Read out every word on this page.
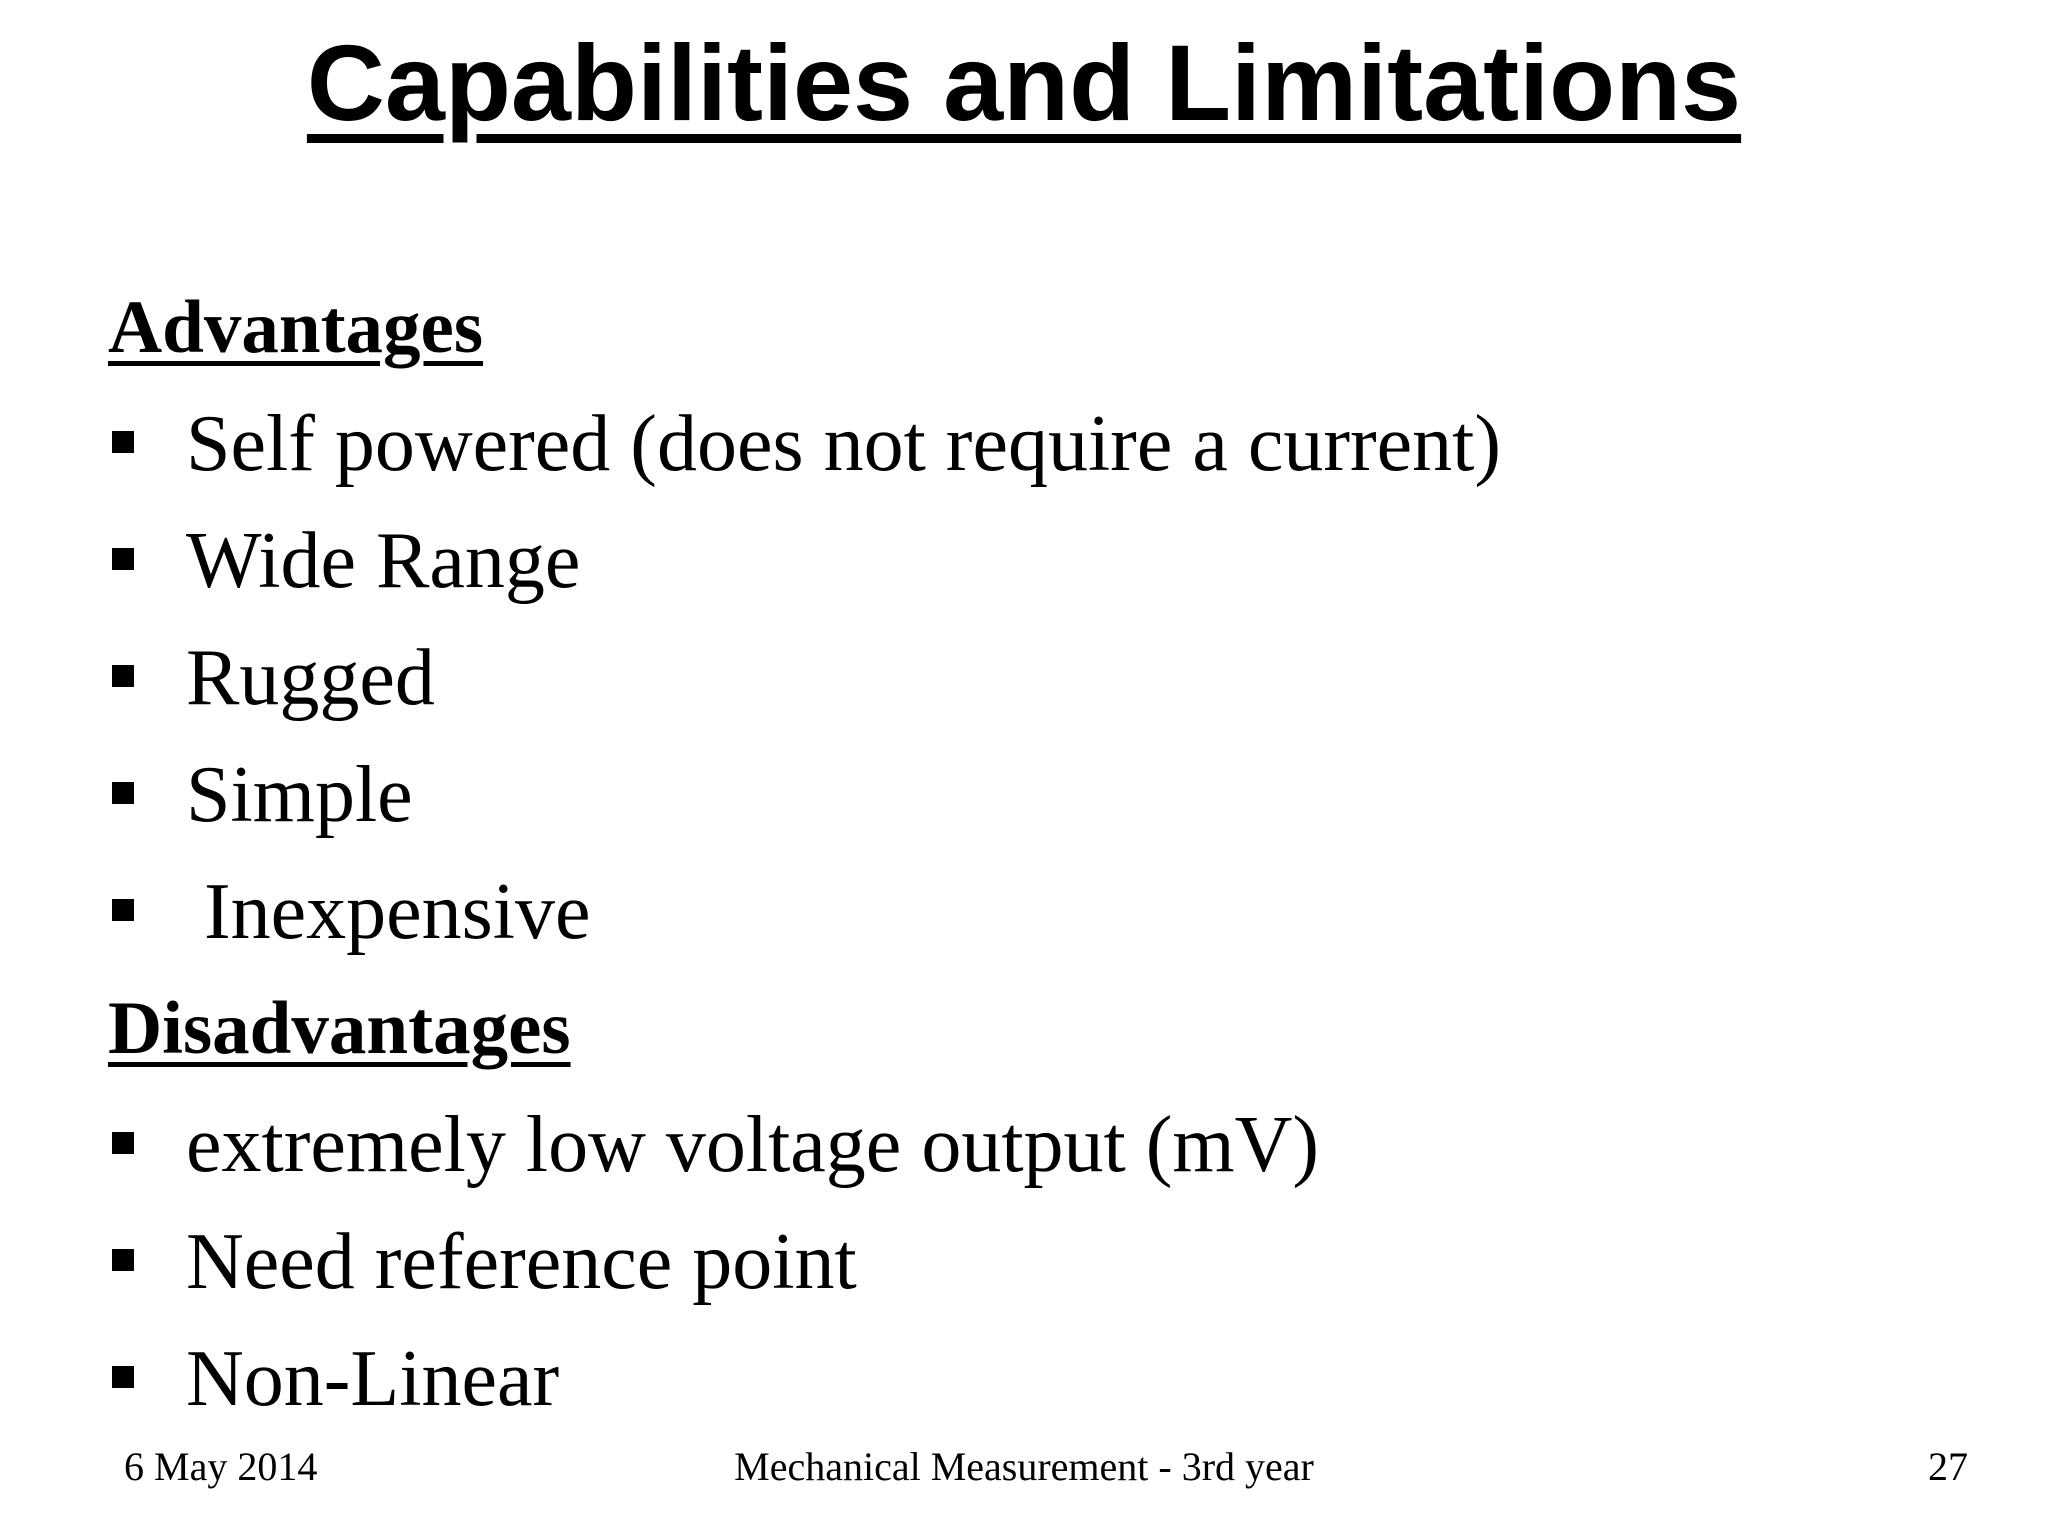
Capabilities and Limitations
Advantages
Self powered (does not require a current)
Wide Range
Rugged
Simple
Inexpensive
Disadvantages
extremely low voltage output (mV)
Need reference point
Non-Linear
Mechanical Measurement - 3rd year
6 May 2014	27
